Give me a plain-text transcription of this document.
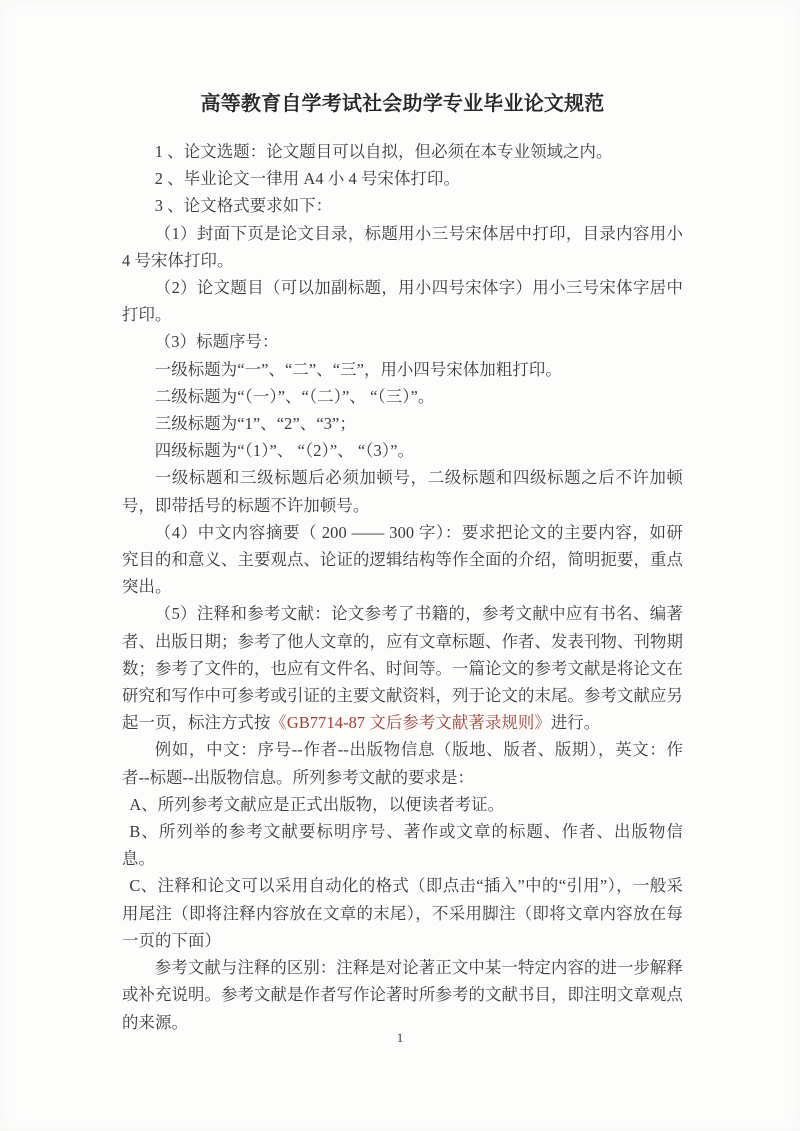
高等教育自学考试社会助学专业毕业论文规范

1 、论文选题：论文题目可以自拟，但必须在本专业领域之内。

2 、毕业论文一律用 A4 小 4 号宋体打印。

3 、论文格式要求如下：

（1）封面下页是论文目录，标题用小三号宋体居中打印，目录内容用小 4 号宋体打印。

（2）论文题目（可以加副标题，用小四号宋体字）用小三号宋体字居中打印。

（3）标题序号：

一级标题为“一”、“二”、“三”，用小四号宋体加粗打印。

二级标题为“（一）”、“（二）”、 “（三）”。

三级标题为“1”、“2”、“3”；

四级标题为“（1）”、 “（2）”、 “（3）”。

一级标题和三级标题后必须加顿号，二级标题和四级标题之后不许加顿号，即带括号的标题不许加顿号。

（4）中文内容摘要（ 200 —— 300 字）：要求把论文的主要内容，如研究目的和意义、主要观点、论证的逻辑结构等作全面的介绍，简明扼要，重点突出。

（5）注释和参考文献：论文参考了书籍的，参考文献中应有书名、编著者、出版日期；参考了他人文章的，应有文章标题、作者、发表刊物、刊物期数；参考了文件的，也应有文件名、时间等。一篇论文的参考文献是将论文在研究和写作中可参考或引证的主要文献资料，列于论文的末尾。参考文献应另起一页，标注方式按《GB7714-87 文后参考文献著录规则》进行。

例如，中文：序号--作者--出版物信息（版地、版者、版期），英文：作者--标题--出版物信息。所列参考文献的要求是：

A、所列参考文献应是正式出版物，以便读者考证。

B、所列举的参考文献要标明序号、著作或文章的标题、作者、出版物信息。

C、注释和论文可以采用自动化的格式（即点击“插入”中的“引用”），一般采用尾注（即将注释内容放在文章的末尾），不采用脚注（即将文章内容放在每一页的下面）

参考文献与注释的区别：注释是对论著正文中某一特定内容的进一步解释或补充说明。参考文献是作者写作论著时所参考的文献书目，即注明文章观点的来源。

1
